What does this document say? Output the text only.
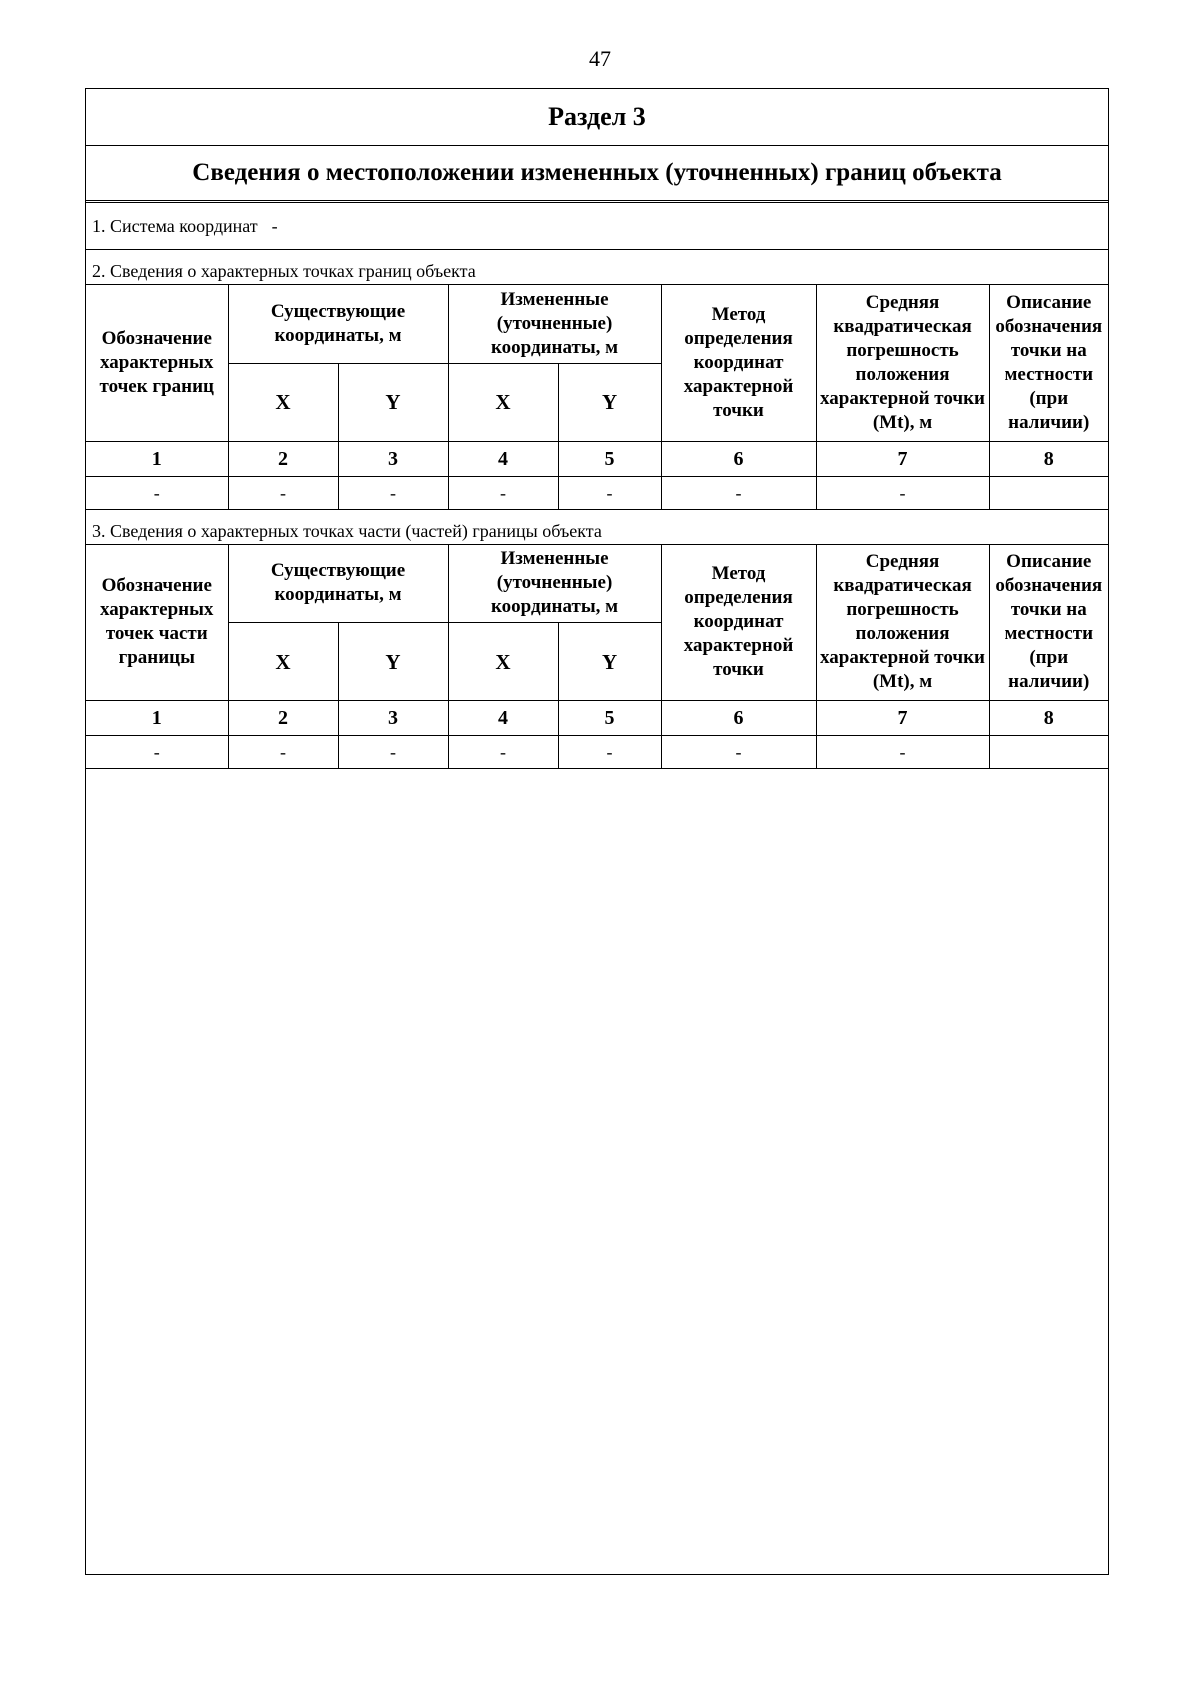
47
Раздел 3
Сведения о местоположении измененных (уточненных) границ объекта
1. Система координат -
2. Сведения о характерных точках границ объекта
Обозначение характерных точек границ	Существующие координаты, м		Измененные (уточненные) координаты, м		Метод определения координат характерной точки	Средняя квадратическая погрешность положения характерной точки (Mt), м	Описание обозначения точки на местности (при наличии)
	X	Y	X	Y			
1	2	3	4	5	6	7	8
-	-	-	-	-	-	-	
3. Сведения о характерных точках части (частей) границы объекта
Обозначение характерных точек части границы	Существующие координаты, м		Измененные (уточненные) координаты, м		Метод определения координат характерной точки	Средняя квадратическая погрешность положения характерной точки (Mt), м	Описание обозначения точки на местности (при наличии)
	X	Y	X	Y			
1	2	3	4	5	6	7	8
-	-	-	-	-	-	-	
